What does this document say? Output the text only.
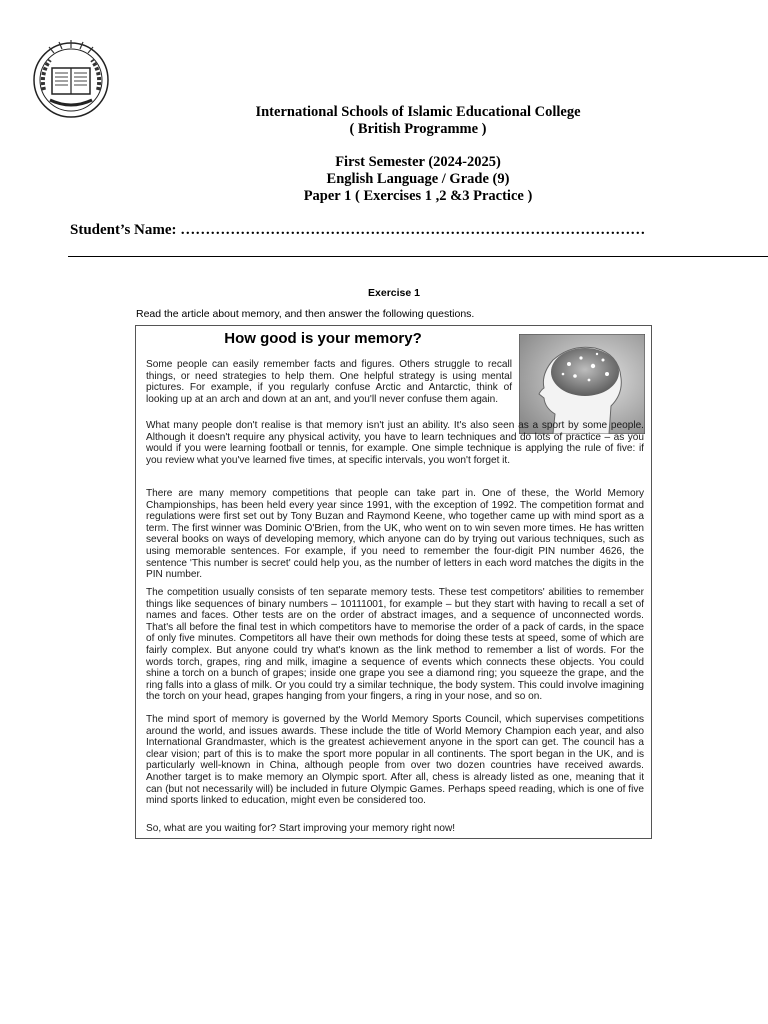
International Schools of Islamic Educational College
( British Programme )
First Semester (2024-2025)
English Language / Grade (9)
Paper 1 ( Exercises 1 ,2 &3 Practice )
Student’s Name: …………………………………………………………………………………
Exercise 1
Read the article about memory, and then answer the following questions.
How good is your memory?
Some people can easily remember facts and figures. Others struggle to recall things, or need strategies to help them. One helpful strategy is using mental pictures. For example, if you regularly confuse Arctic and Antarctic, think of looking up at an arch and down at an ant, and you'll never confuse them again.
What many people don't realise is that memory isn't just an ability. It's also seen as a sport by some people. Although it doesn't require any physical activity, you have to learn techniques and do lots of practice – as you would if you were learning football or tennis, for example. One simple technique is applying the rule of five: if you review what you've learned five times, at specific intervals, you won't forget it.
There are many memory competitions that people can take part in. One of these, the World Memory Championships, has been held every year since 1991, with the exception of 1992. The competition format and regulations were first set out by Tony Buzan and Raymond Keene, who together came up with mind sport as a term. The first winner was Dominic O'Brien, from the UK, who went on to win seven more times. He has written several books on ways of developing memory, which anyone can do by trying out various techniques, such as using memorable sentences. For example, if you need to remember the four-digit PIN number 4626, the sentence 'This number is secret' could help you, as the number of letters in each word matches the digits in the PIN number.
The competition usually consists of ten separate memory tests. These test competitors' abilities to remember things like sequences of binary numbers – 10111001, for example – but they start with having to recall a set of names and faces. Other tests are on the order of abstract images, and a sequence of unconnected words. That's all before the final test in which competitors have to memorise the order of a pack of cards, in the space of only five minutes. Competitors all have their own methods for doing these tests at speed, some of which are fairly complex. But anyone could try what's known as the link method to remember a list of words. For the words torch, grapes, ring and milk, imagine a sequence of events which connects these objects. You could shine a torch on a bunch of grapes; inside one grape you see a diamond ring; you squeeze the grape, and the ring falls into a glass of milk. Or you could try a similar technique, the body system. This could involve imagining the torch on your head, grapes hanging from your fingers, a ring in your nose, and so on.
The mind sport of memory is governed by the World Memory Sports Council, which supervises competitions around the world, and issues awards. These include the title of World Memory Champion each year, and also International Grandmaster, which is the greatest achievement anyone in the sport can get. The council has a clear vision; part of this is to make the sport more popular in all continents. The sport began in the UK, and is particularly well-known in China, although people from over two dozen countries have received awards. Another target is to make memory an Olympic sport. After all, chess is already listed as one, meaning that it can (but not necessarily will) be included in future Olympic Games. Perhaps speed reading, which is one of five mind sports linked to education, might even be considered too.
So, what are you waiting for? Start improving your memory right now!
